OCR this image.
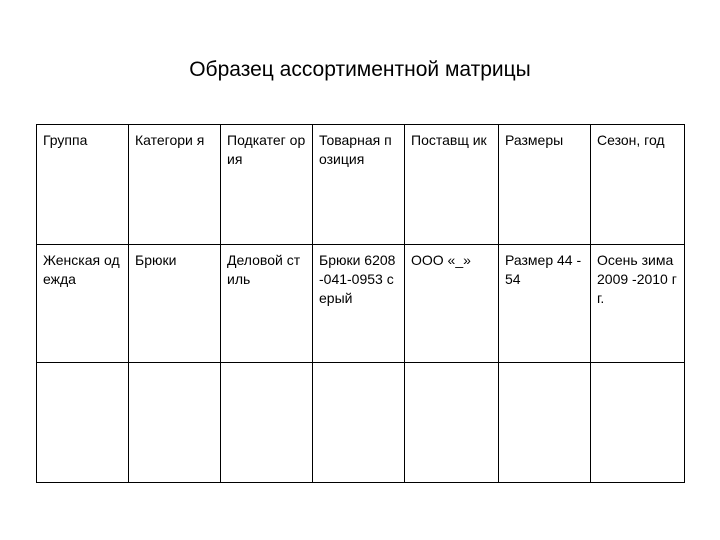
Образец ассортиментной матрицы
Группа	Категори я	Подкатег ория	Товарная позиция	Поставщ ик	Размеры	Сезон, год
Женская одежда	Брюки	Деловой стиль	Брюки 6208-041-0953 серый	ООО «_»	Размер 44 -54	Осень зима 2009 -2010 гг.
